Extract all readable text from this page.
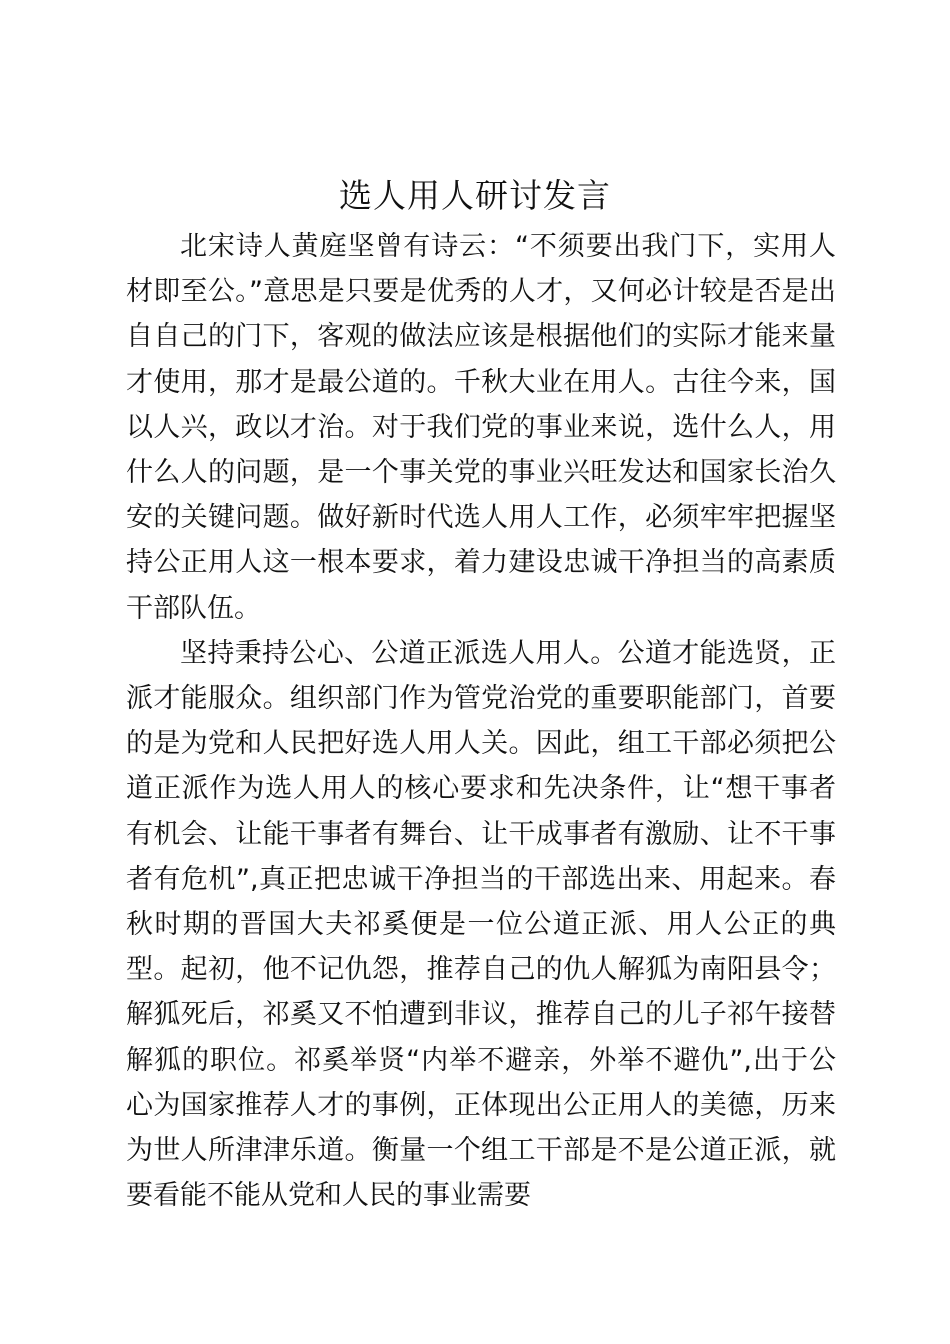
选人用人研讨发言

北宋诗人黄庭坚曾有诗云：“不须要出我门下，实用人材即至公。”意思是只要是优秀的人才，又何必计较是否是出自自己的门下，客观的做法应该是根据他们的实际才能来量才使用，那才是最公道的。千秋大业在用人。古往今来，国以人兴，政以才治。对于我们党的事业来说，选什么人，用什么人的问题，是一个事关党的事业兴旺发达和国家长治久安的关键问题。做好新时代选人用人工作，必须牢牢把握坚持公正用人这一根本要求，着力建设忠诚干净担当的高素质干部队伍。

坚持秉持公心、公道正派选人用人。公道才能选贤，正派才能服众。组织部门作为管党治党的重要职能部门，首要的是为党和人民把好选人用人关。因此，组工干部必须把公道正派作为选人用人的核心要求和先决条件，让“想干事者有机会、让能干事者有舞台、让干成事者有激励、让不干事者有危机”,真正把忠诚干净担当的干部选出来、用起来。春秋时期的晋国大夫祁奚便是一位公道正派、用人公正的典型。起初，他不记仇怨，推荐自己的仇人解狐为南阳县令；解狐死后，祁奚又不怕遭到非议，推荐自己的儿子祁午接替解狐的职位。祁奚举贤“内举不避亲，外举不避仇”,出于公心为国家推荐人才的事例，正体现出公正用人的美德，历来为世人所津津乐道。衡量一个组工干部是不是公道正派，就要看能不能从党和人民的事业需要
